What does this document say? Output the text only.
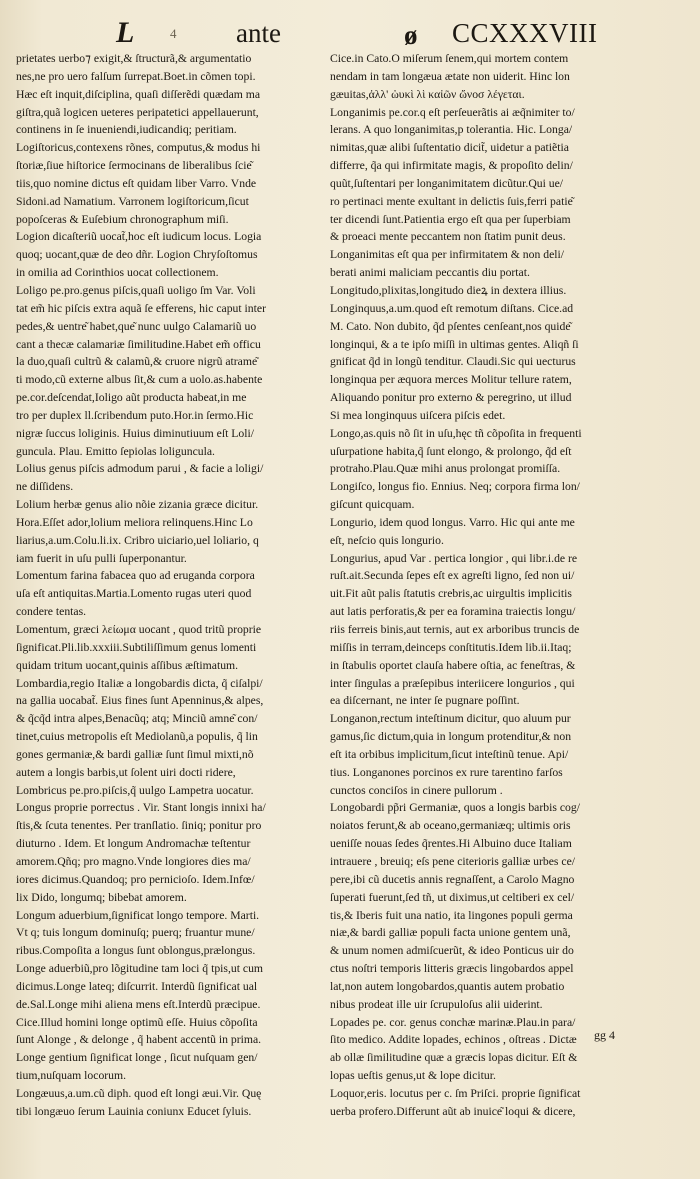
L	4 ante	ø CCXXXVIII
prietates uerbo⁊ exigit,& ſtructurã,& argumentatio
nes,ne pro uero falſum ſurrepat.Boet.in cõmen topi.
Hæc eſt inquit,diſciplina, quaſi diſſerẽdi quædam ma
giſtra,quã logicen ueteres peripatetici appellauerunt,
continens in ſe inueniendi,iudicandiq; peritiam.
Logiſtoricus,contexens rõnes, computus,& modus hi
ſtoriæ,ſiue hiſtorice ſermocinans de liberalibus ſcie͂
tiis,quo nomine dictus eſt quidam liber Varro. Vnde
Sidoni.ad Namatium. Varronem logiſtoricum,ſicut
popoſceras & Euſebium chronographum miſi.
Logion dicaſteriũ uocat̃,hoc eſt iudicum locus. Logia
quoq; uocant,quæ de deo dñr. Logion Chryſoſtomus
in omilia ad Corinthios uocat collectionem.
Loligo pe.pro.genus piſcis,quaſi uoligo ſm Var. Voli
tat em̃ hic piſcis extra aquã ſe efferens, hic caput inter
pedes,& uentre͂ habet,que͂ nunc uulgo Calamariũ uo
cant a thecæ calamariæ ſimilitudine.Habet em̃ officu
la duo,quaſi cultrũ & calamũ,& cruore nigrũ atrame͂
ti modo,cũ externe albus ſit,& cum a uolo.as.habente
pe.cor.deſcendat,Ioligo aũt producta habeat,in me
tro per duplex ll.ſcribendum puto.Hor.in ſermo.Hic
nigræ ſuccus loliginis. Huius diminutiuum eſt Loli/
guncula. Plau. Emitto ſepiolas loliguncula.
Lolius genus piſcis admodum parui , & facie a loligi/
ne diſſidens.
Lolium herbæ genus alio nõie zizania græce dicitur.
Hora.Eſſet ador,lolium meliora relinquens.Hinc Lo
liarius,a.um.Colu.li.ix. Cribro uiciario,uel loliario, q
iam fuerit in uſu pulli ſuperponantur.
Lomentum farina fabacea quo ad eruganda corpora
uſa eſt antiquitas.Martia.Lomento rugas uteri quod
condere tentas.
Lomentum, græci λείωμα uocant , quod tritũ proprie
ſignificat.Pli.lib.xxxiii.Subtiliſſimum genus lomenti
quidam tritum uocant,quinis aſſibus æſtimatum.
Lombardia,regio Italiæ a longobardis dicta, q̃ ciſalpi/
na gallia uocabat̃. Eius fines ſunt Apenninus,& alpes,
& q̃cq̃d intra alpes,Benacũq; atq; Minciũ amne͂ con/
tinet,cuius metropolis eſt Mediolanũ,a populis, q̃ lin
gones germaniæ,& bardi galliæ ſunt ſimul mixti,nõ
autem a longis barbis,ut ſolent uiri docti ridere,
Lombricus pe.pro.piſcis,q̃ uulgo Lampetra uocatur.
Longus proprie porrectus . Vir. Stant longis innixi ha/
ſtis,& ſcuta tenentes. Per tranſlatio. ſiniq; ponitur pro
diuturno . Idem. Et longum Andromachæ teſtentur
amorem.Qñq; pro magno.Vnde longiores dies ma/
iores dicimus.Quandoq; pro pernicioſo. Idem.Infœ/
lix Dido, longumq; bibebat amorem.
Longum aduerbium,ſignificat longo tempore. Marti.
Vt q; tuis longum dominuſq; puerq; fruantur mune/
ribus.Compoſita a longus ſunt oblongus,prælongus.
Longe aduerbiũ,pro lõgitudine tam loci q̃ tpis,ut cum
dicimus.Longe lateq; diſcurrit. Interdũ ſignificat ual
de.Sal.Longe mihi aliena mens eſt.Interdũ præcipue.
Cice.Illud homini longe optimũ eſſe. Huius cõpoſita
ſunt Alonge , & delonge , q̃ habent accentũ in prima.
Longe gentium ſignificat longe , ſicut nuſquam gen/
tium,nuſquam locorum.
Longæuus,a.um.cũ diph. quod eſt longi æui.Vir. Quę
tibi longæuo ſerum Lauinia coniunx Educet ſyluis.
Cice.in Cato.O miſerum ſenem,qui mortem contem
nendam in tam longæua ætate non uiderit. Hinc lon
gæuitas,ἀλλ' ὠυκὶ λὶ καἰῶν ὤνοσ λέγεται.
Longanimis pe.cor.q eſt perſeuerãtis ai æq̃nimiter to/
lerans. A quo longanimitas,p tolerantia. Hic. Longa/
nimitas,quæ alibi ſuſtentatio dicit̃, uidetur a patiẽtia
differre, q̃a qui infirmitate magis, & propoſito delin/
quũt,ſuſtentari per longanimitatem dicũtur.Qui ue/
ro pertinaci mente exultant in delictis ſuis,ferri patie͂
ter dicendi ſunt.Patientia ergo eſt qua per ſuperbiam
& proeaci mente peccantem non ſtatim punit deus.
Longanimitas eſt qua per infirmitatem & non deli/
berati animi maliciam peccantis diu portat.
Longitudo,plixitas,longitudo dieꝝ in dextera illius.
Longinquus,a.um.quod eſt remotum diſtans. Cice.ad
M. Cato. Non dubito, q̃d pſentes cenſeant,nos quide͂
longinqui, & a te ipſo miſſi in ultimas gentes. Aliqñ ſi
gnificat q̃d in longũ tenditur. Claudi.Sic qui uecturus
longinqua per æquora merces Molitur tellure ratem,
Aliquando ponitur pro externo & peregrino, ut illud
Si mea longinquus uiſcera piſcis edet.
Longo,as.quis nõ ſit in uſu,hęc tñ cõpoſita in frequenti
uſurpatione habita,q̃ ſunt elongo, & prolongo, q̃d eſt
protraho.Plau.Quæ mihi anus prolongat promiſſa.
Longiſco, longus fio. Ennius. Neq; corpora firma lon/
giſcunt quicquam.
Longurio, idem quod longus. Varro. Hic qui ante me
eſt, neſcio quis longurio.
Longurius, apud Var . pertica longior , qui libr.i.de re
ruſt.ait.Secunda ſepes eſt ex agreſti ligno, ſed non ui/
uit.Fit aũt palis ſtatutis crebris,ac uirgultis implicitis
aut latis perforatis,& per ea foramina traiectis longu/
riis ferreis binis,aut ternis, aut ex arboribus truncis de
miſſis in terram,deinceps conſtitutis.Idem lib.ii.Itaq;
in ſtabulis oportet clauſa habere oſtia, ac feneſtras, &
inter ſingulas a præſepibus interiicere longurios , qui
ea diſcernant, ne inter ſe pugnare poſſint.
Longanon,rectum inteſtinum dicitur, quo aluum pur
gamus,ſic dictum,quia in longum protenditur,& non
eſt ita orbibus implicitum,ſicut inteſtinũ tenue. Api/
tius. Longanones porcinos ex rure tarentino farſos
cunctos conciſos in cinere pullorum .
Longobardi pp̃ri Germaniæ, quos a longis barbis cog/
noiatos ferunt,& ab oceano,germaniæq; ultimis oris
ueniſſe nouas ſedes q̃rentes.Hi Albuino duce Italiam
intrauere , breuiq; eſs pene citerioris galliæ urbes ce/
pere,ibi cũ ducetis annis regnaſſent, a Carolo Magno
ſuperati fuerunt,ſed tñ, ut diximus,ut celtiberi ex cel/
tis,& Iberis fuit una natio, ita lingones populi germa
niæ,& bardi galliæ populi facta unione gentem unã,
& unum nomen admiſcuerũt, & ideo Ponticus uir do
ctus noſtri temporis litteris græcis lingobardos appel
lat,non autem longobardos,quantis autem probatio
nibus prodeat ille uir ſcrupuloſus alii uiderint.
Lopades pe. cor. genus conchæ marinæ.Plau.in para/
ſito medico. Addite lopades, echinos , oſtreas . Dictæ
ab ollæ ſimilitudine quæ a græcis lopas dicitur. Eſt &
lopas ueſtis genus,ut & lope dicitur.
Loquor,eris. locutus per c. ſm Priſci. proprie ſignificat
uerba profero.Differunt aũt ab inuice͂ loqui & dicere,
gg 4
